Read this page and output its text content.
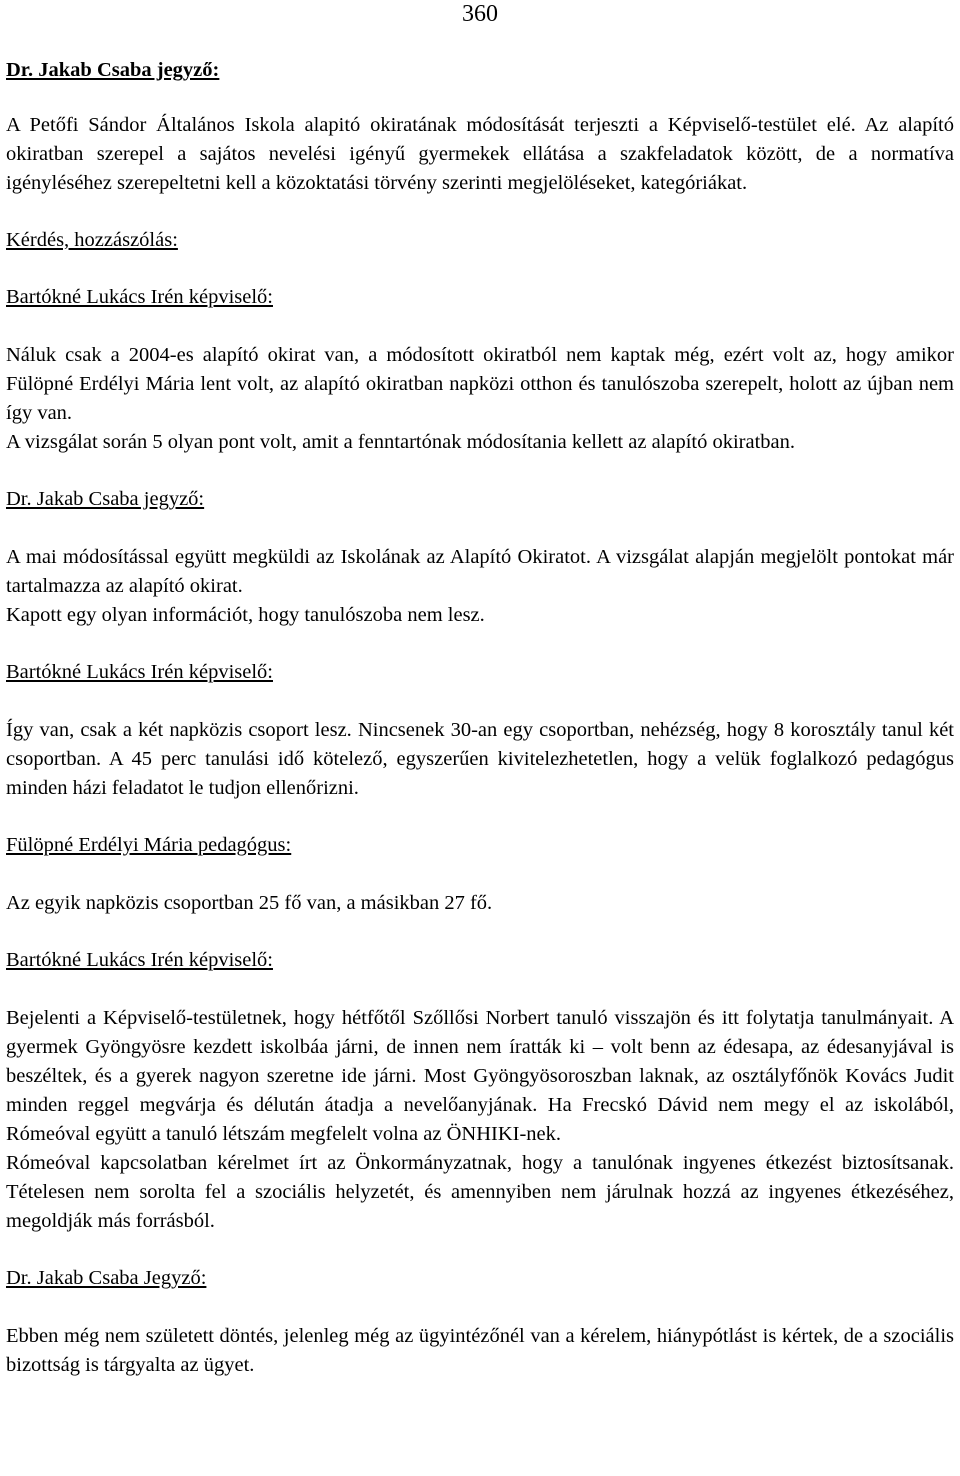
360
Dr. Jakab Csaba jegyző:

A Petőfi Sándor Általános Iskola alapitó okiratának módosítását terjeszti a Képviselő-testület elé. Az alapító okiratban szerepel a sajátos nevelési igényű gyermekek ellátása a szakfeladatok között, de a normatíva igényléséhez szerepeltetni kell a közoktatási törvény szerinti megjelöléseket, kategóriákat.

Kérdés, hozzászólás:
Bartókné Lukács Irén képviselő:

Náluk csak a 2004-es alapító okirat van, a módosított okiratból nem kaptak még, ezért volt az, hogy amikor Fülöpné Erdélyi Mária lent volt, az alapító okiratban napközi otthon és tanulószoba szerepelt, holott az újban nem így van.

A vizsgálat során 5 olyan pont volt, amit a fenntartónak módosítania kellett az alapító okiratban.

Dr. Jakab Csaba jegyző:

A mai módosítással együtt megküldi az Iskolának az Alapító Okiratot. A vizsgálat alapján megjelölt pontokat már tartalmazza az alapító okirat.

Kapott egy olyan információt, hogy tanulószoba nem lesz.

Bartókné Lukács Irén képviselő:

Így van, csak a két napközis csoport lesz. Nincsenek 30-an egy csoportban, nehézség, hogy 8 korosztály tanul két csoportban. A 45 perc tanulási idő kötelező, egyszerűen kivitelezhetetlen, hogy a velük foglalkozó pedagógus minden házi feladatot le tudjon ellenőrizni.

Fülöpné Erdélyi Mária pedagógus:

Az egyik napközis csoportban 25 fő van, a másikban 27 fő.

Bartókné Lukács Irén képviselő:

Bejelenti a Képviselő-testületnek, hogy hétfőtől Szőllősi Norbert tanuló visszajön és itt folytatja tanulmányait. A gyermek Gyöngyösre kezdett iskolbáa járni, de innen nem íratták ki – volt benn az édesapa, az édesanyjával is beszéltek, és a gyerek nagyon szeretne ide járni. Most Gyöngyösoroszban laknak, az osztályfőnök Kovács Judit minden reggel megvárja és délután átadja a nevelőanyjának. Ha Frecskó Dávid nem megy el az iskolából, Rómeóval együtt a tanuló létszám megfelelt volna az ÖNHIKI-nek.

Rómeóval kapcsolatban kérelmet írt az Önkormányzatnak, hogy a tanulónak ingyenes étkezést biztosítsanak. Tételesen nem sorolta fel a szociális helyzetét, és amennyiben nem járulnak hozzá az ingyenes étkezéséhez, megoldják más forrásból.

Dr. Jakab Csaba Jegyző:

Ebben még nem született döntés, jelenleg még az ügyintézőnél van a kérelem, hiánypótlást is kértek, de a szociális bizottság is tárgyalta az ügyet.
